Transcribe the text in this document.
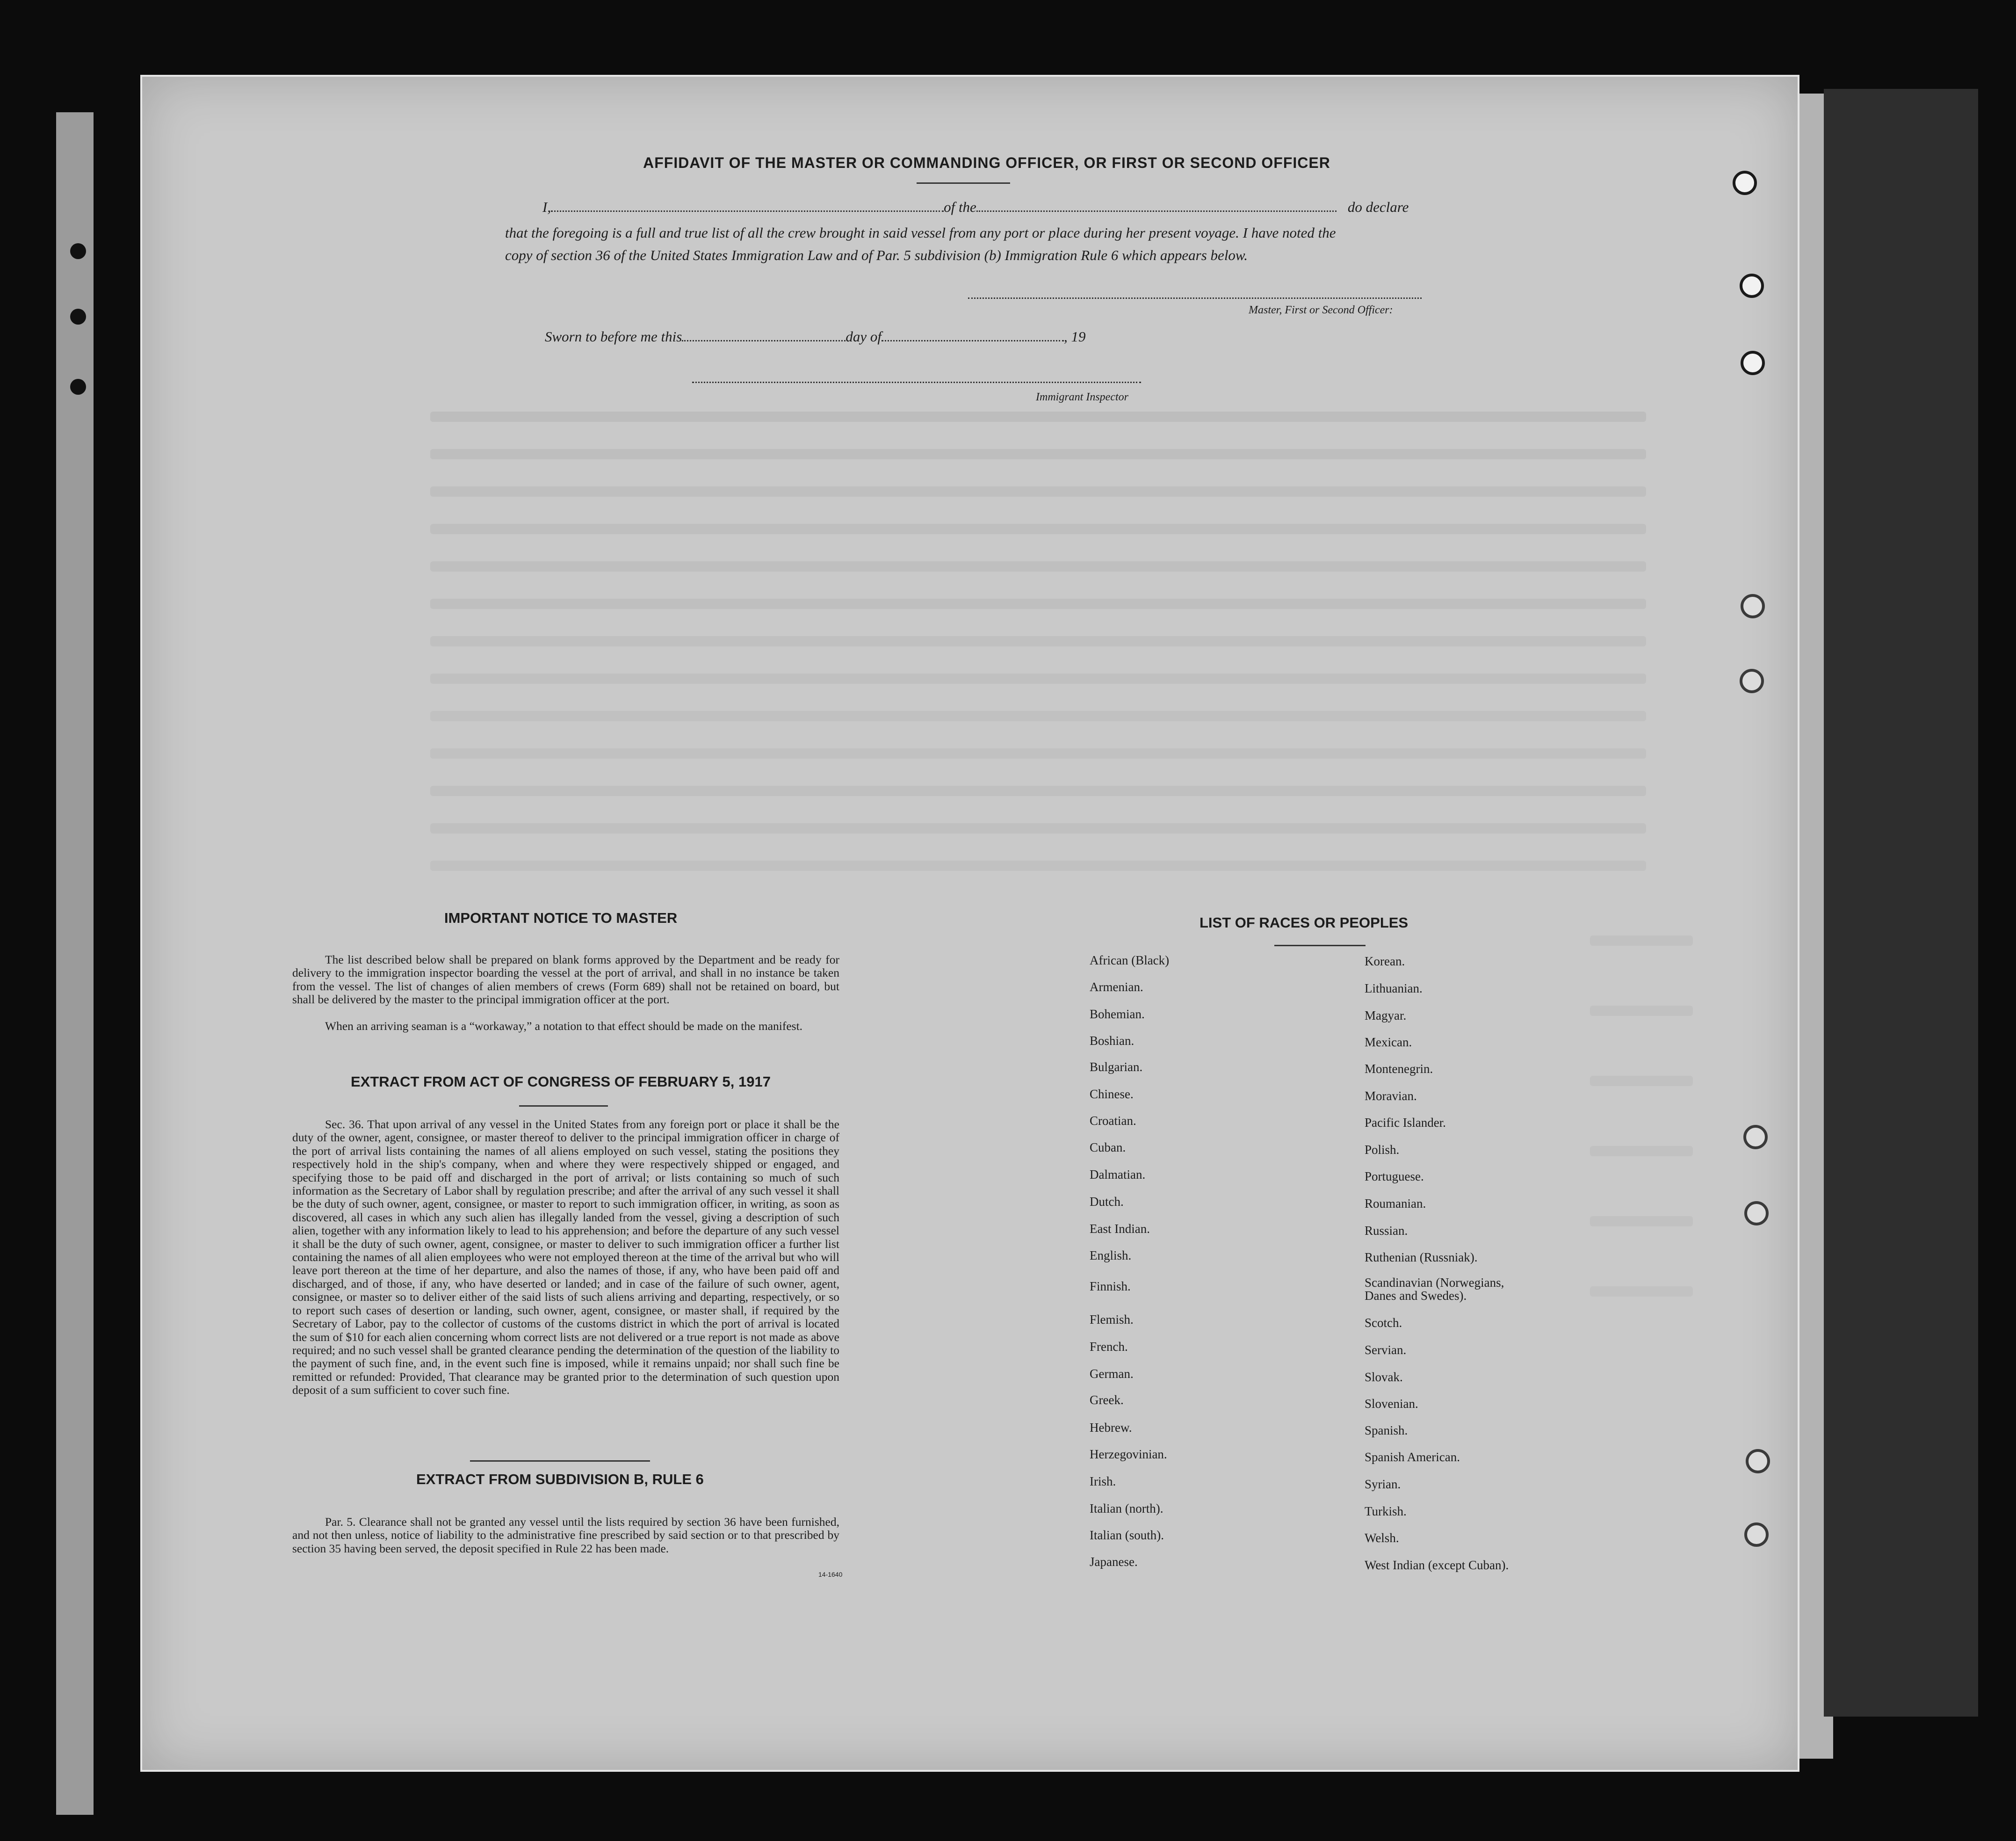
AFFIDAVIT OF THE MASTER OR COMMANDING OFFICER, OR FIRST OR SECOND OFFICER
I,	of the	do declare
that the foregoing is a full and true list of all the crew brought in said vessel from any port or place during her present voyage. I have noted the
copy of section 36 of the United States Immigration Law and of Par. 5 subdivision (b) Immigration Rule 6 which appears below.
Master, First or Second Officer:
Sworn to before me this	day of	, 19
Immigrant Inspector
IMPORTANT NOTICE TO MASTER

The list described below shall be prepared on blank forms approved by the Department and be ready for delivery to the immigration inspector boarding the vessel at the port of arrival, and shall in no instance be taken from the vessel. The list of changes of alien members of crews (Form 689) shall not be retained on board, but shall be delivered by the master to the principal immigration officer at the port.

When an arriving seaman is a “workaway,” a notation to that effect should be made on the manifest.

EXTRACT FROM ACT OF CONGRESS OF FEBRUARY 5, 1917

Sec. 36. That upon arrival of any vessel in the United States from any foreign port or place it shall be the duty of the owner, agent, consignee, or master thereof to deliver to the principal immigration officer in charge of the port of arrival lists containing the names of all aliens employed on such vessel, stating the positions they respectively hold in the ship's company, when and where they were respectively shipped or engaged, and specifying those to be paid off and discharged in the port of arrival; or lists containing so much of such information as the Secretary of Labor shall by regulation prescribe; and after the arrival of any such vessel it shall be the duty of such owner, agent, consignee, or master to report to such immigration officer, in writing, as soon as discovered, all cases in which any such alien has illegally landed from the vessel, giving a description of such alien, together with any information likely to lead to his apprehension; and before the departure of any such vessel it shall be the duty of such owner, agent, consignee, or master to deliver to such immigration officer a further list containing the names of all alien employees who were not employed thereon at the time of the arrival but who will leave port thereon at the time of her departure, and also the names of those, if any, who have been paid off and discharged, and of those, if any, who have deserted or landed; and in case of the failure of such owner, agent, consignee, or master so to deliver either of the said lists of such aliens arriving and departing, respectively, or so to report such cases of desertion or landing, such owner, agent, consignee, or master shall, if required by the Secretary of Labor, pay to the collector of customs of the customs district in which the port of arrival is located the sum of $10 for each alien concerning whom correct lists are not delivered or a true report is not made as above required; and no such vessel shall be granted clearance pending the determination of the question of the liability to the payment of such fine, and, in the event such fine is imposed, while it remains unpaid; nor shall such fine be remitted or refunded: Provided, That clearance may be granted prior to the determination of such question upon deposit of a sum sufficient to cover such fine.

EXTRACT FROM SUBDIVISION B, RULE 6

Par. 5. Clearance shall not be granted any vessel until the lists required by section 36 have been furnished, and not then unless, notice of liability to the administrative fine prescribed by said section or to that prescribed by section 35 having been served, the deposit specified in Rule 22 has been made.

14-1640
LIST OF RACES OR PEOPLES
African (Black)
Armenian.
Bohemian.
Boshian.
Bulgarian.
Chinese.
Croatian.
Cuban.
Dalmatian.
Dutch.
East Indian.
English.
Finnish.
Flemish.
French.
German.
Greek.
Hebrew.
Herzegovinian.
Irish.
Italian (north).
Italian (south).
Japanese.
Korean.
Lithuanian.
Magyar.
Mexican.
Montenegrin.
Moravian.
Pacific Islander.
Polish.
Portuguese.
Roumanian.
Russian.
Ruthenian (Russniak).
Scandinavian (Norwegians, Danes and Swedes).
Scotch.
Servian.
Slovak.
Slovenian.
Spanish.
Spanish American.
Syrian.
Turkish.
Welsh.
West Indian (except Cuban).
